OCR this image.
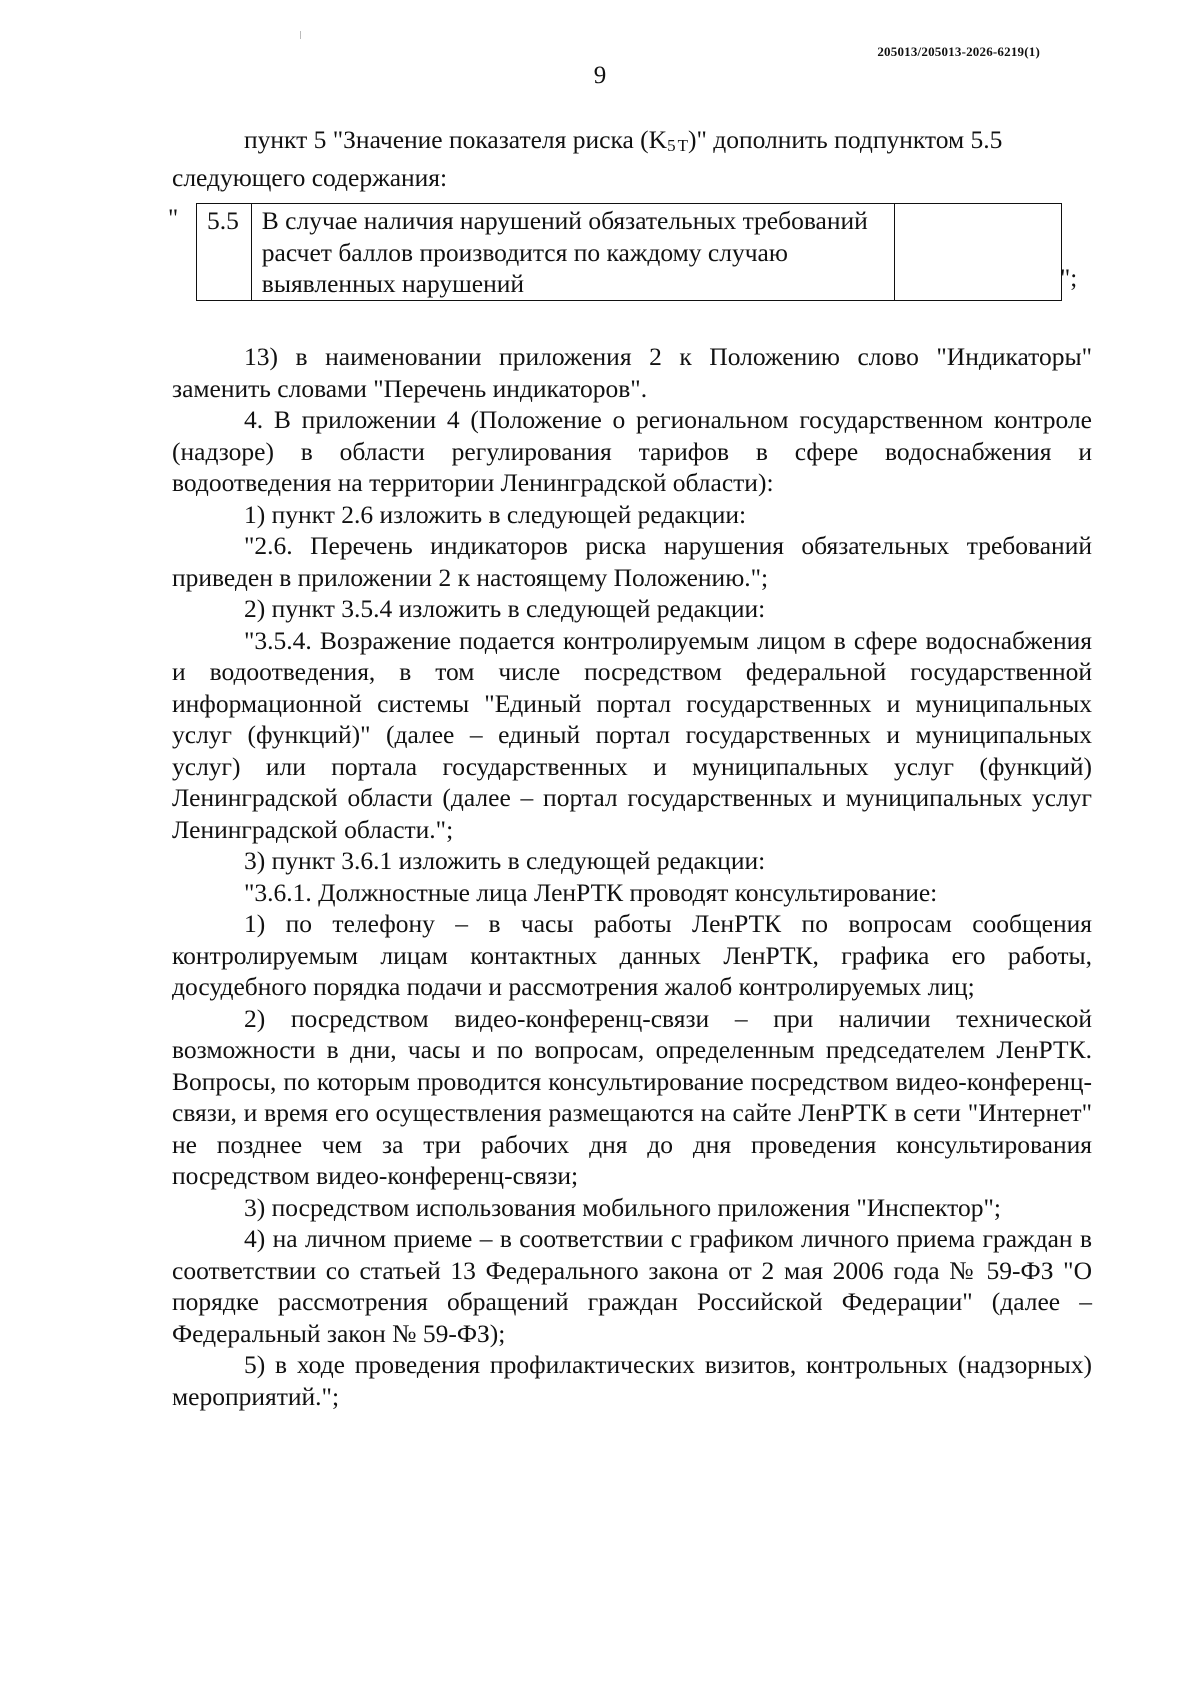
205013/205013-2026-6219(1)
9

пункт 5 "Значение показателя риска ($K_5$ $_T$)" дополнить подпунктом 5.5

следующего содержания:

" 5.5	В случае наличия нарушений обязательных требований расчет баллов производится по каждому случаю выявленных нарушений		";

13) в наименовании приложения 2 к Положению слово "Индикаторы" заменить словами "Перечень индикаторов".

4. В приложении 4 (Положение о региональном государственном контроле (надзоре) в области регулирования тарифов в сфере водоснабжения и водоотведения на территории Ленинградской области):

1) пункт 2.6 изложить в следующей редакции:

"2.6. Перечень индикаторов риска нарушения обязательных требований приведен в приложении 2 к настоящему Положению.";

2) пункт 3.5.4 изложить в следующей редакции:

"3.5.4. Возражение подается контролируемым лицом в сфере водоснабжения и водоотведения, в том числе посредством федеральной государственной информационной системы "Единый портал государственных и муниципальных услуг (функций)" (далее – единый портал государственных и муниципальных услуг) или портала государственных и муниципальных услуг (функций) Ленинградской области (далее – портал государственных и муниципальных услуг Ленинградской области.";

3) пункт 3.6.1 изложить в следующей редакции:

"3.6.1. Должностные лица ЛенРТК проводят консультирование:

1) по телефону – в часы работы ЛенРТК по вопросам сообщения контролируемым лицам контактных данных ЛенРТК, графика его работы, досудебного порядка подачи и рассмотрения жалоб контролируемых лиц;

2) посредством видео-конференц-связи – при наличии технической возможности в дни, часы и по вопросам, определенным председателем ЛенРТК. Вопросы, по которым проводится консультирование посредством видео-конференц-связи, и время его осуществления размещаются на сайте ЛенРТК в сети "Интернет" не позднее чем за три рабочих дня до дня проведения консультирования посредством видео-конференц-связи;

3) посредством использования мобильного приложения "Инспектор";

4) на личном приеме – в соответствии с графиком личного приема граждан в соответствии со статьей 13 Федерального закона от 2 мая 2006 года № 59-ФЗ "О порядке рассмотрения обращений граждан Российской Федерации" (далее – Федеральный закон № 59-ФЗ);

5) в ходе проведения профилактических визитов, контрольных (надзорных) мероприятий.";
